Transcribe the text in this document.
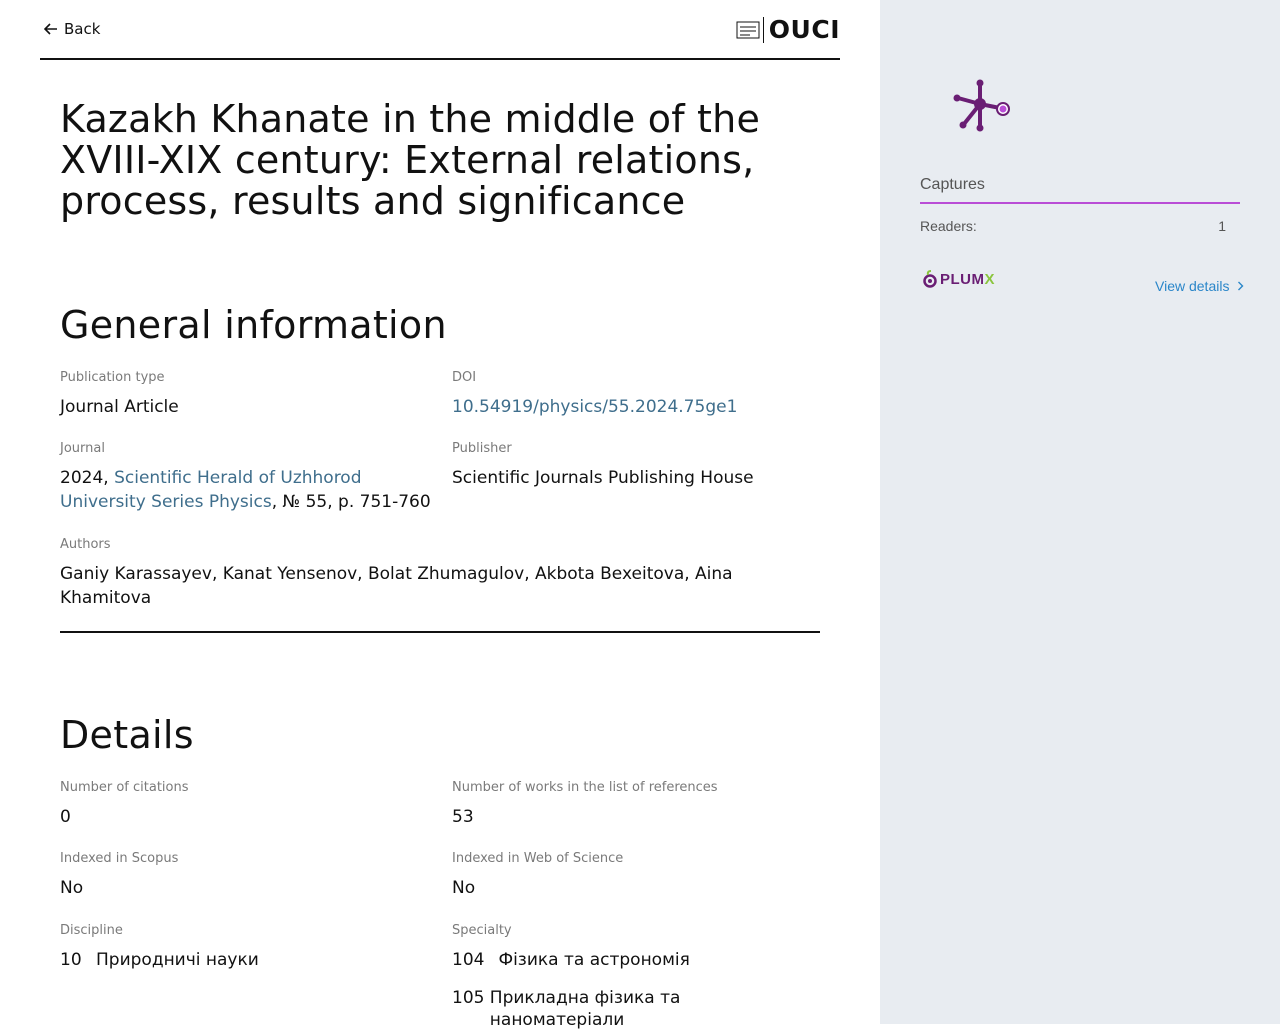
Back	OUCI
Kazakh Khanate in the middle of the XVIII-XIX century: External relations, process, results and significance
General information
Publication type
Journal Article
DOI
10.54919/physics/55.2024.75ge1
Journal
2024, Scientific Herald of Uzhhorod University Series Physics, № 55, p. 751-760
Publisher
Scientific Journals Publishing House
Authors
Ganiy Karassayev, Kanat Yensenov, Bolat Zhumagulov, Akbota Bexeitova, Aina Khamitova
Details
Number of citations
0
Number of works in the list of references
53
Indexed in Scopus
No
Indexed in Web of Science
No
Discipline
10 Природничі науки
Specialty
104 Фізика та астрономія
105 Прикладна фізика та наноматеріали
Captures
Readers:	1
PLUMX	View details
